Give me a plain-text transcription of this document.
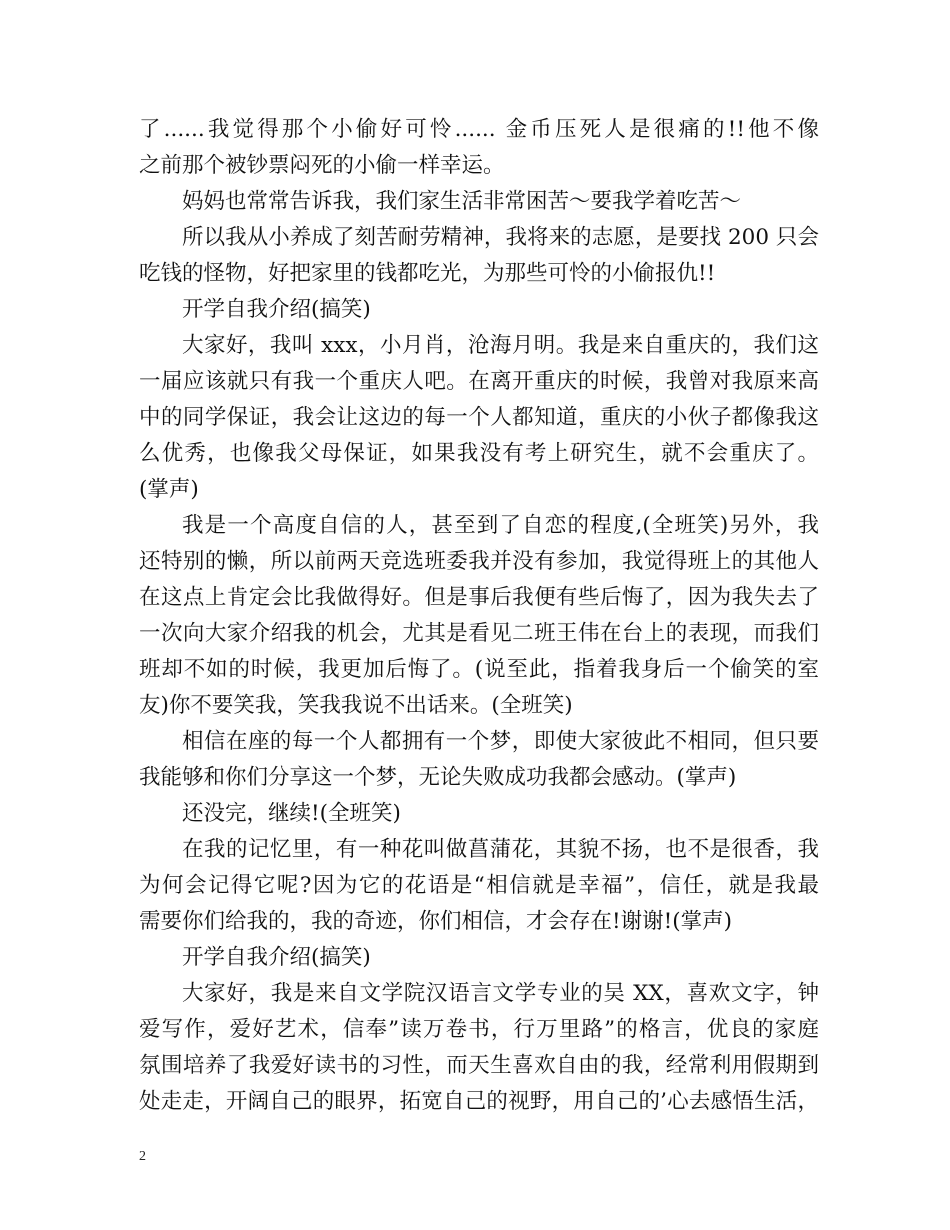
了......我觉得那个小偷好可怜...... 金币压死人是很痛的!!他不像
之前那个被钞票闷死的小偷一样幸运。
妈妈也常常告诉我，我们家生活非常困苦～要我学着吃苦～
所以我从小养成了刻苦耐劳精神，我将来的志愿，是要找 200 只会
吃钱的怪物，好把家里的钱都吃光，为那些可怜的小偷报仇!!
开学自我介绍(搞笑)
大家好，我叫 xxx，小月肖，沧海月明。我是来自重庆的，我们这
一届应该就只有我一个重庆人吧。在离开重庆的时候，我曾对我原来高
中的同学保证，我会让这边的每一个人都知道，重庆的小伙子都像我这
么优秀，也像我父母保证，如果我没有考上研究生，就不会重庆了。
(掌声)
我是一个高度自信的人，甚至到了自恋的程度,(全班笑)另外，我
还特别的懒，所以前两天竞选班委我并没有参加，我觉得班上的其他人
在这点上肯定会比我做得好。但是事后我便有些后悔了，因为我失去了
一次向大家介绍我的机会，尤其是看见二班王伟在台上的表现，而我们
班却不如的时候，我更加后悔了。(说至此，指着我身后一个偷笑的室
友)你不要笑我，笑我我说不出话来。(全班笑)
相信在座的每一个人都拥有一个梦，即使大家彼此不相同，但只要
我能够和你们分享这一个梦，无论失败成功我都会感动。(掌声)
还没完，继续!(全班笑)
在我的记忆里，有一种花叫做菖蒲花，其貌不扬，也不是很香，我
为何会记得它呢?因为它的花语是“相信就是幸福”，信任，就是我最
需要你们给我的，我的奇迹，你们相信，才会存在!谢谢!(掌声)
开学自我介绍(搞笑)
大家好，我是来自文学院汉语言文学专业的吴 XX，喜欢文字，钟
爱写作，爱好艺术，信奉”读万卷书，行万里路”的格言，优良的家庭
氛围培养了我爱好读书的习性，而天生喜欢自由的我，经常利用假期到
处走走，开阔自己的眼界，拓宽自己的视野，用自己的’心去感悟生活，
2
